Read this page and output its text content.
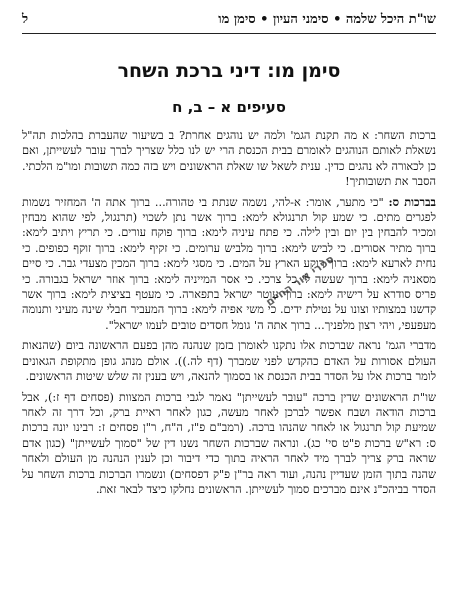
שו"ת היכל שלמה • סימני העיון • סימן מו
ל
סימן מו: דיני ברכת השחר
סעיפים א – ב, ח

ברכות השחר: א מה תקנת הגמ' ולמה יש נוהגים אחרת? ב בשיעור שהעברת בהלכות תה"ל נשאלת לאותם הנוהגים לאומרם בבית הכנסת הרי יש לנו כלל שצריך לברך עובר לעשייתן, ואם כן לכאורה לא נהגים כדין. ענית לשאל שו שאלת הראשונים ויש בזה כמה תשובות ומו"מ הלכתי. הסבר את תשובותיך!

בברכות ס: "כי מתער, אומר: א-להי, נשמה שנתת בי טהורה... ברוך אתה ה' המחזיר נשמות לפגרים מתים. כי שמע קול תרנגולא לימא: ברוך אשר נתן לשכוי (תרנגול, לפי שהוא מבחין ומכיר להבחין בין יום ובין לילה. כי פתח עיניה לימא: ברוך פוקח עורים. כי תריץ ויתיב לימא: ברוך מתיר אסורים. כי לביש לימא: ברוך מלביש ערומים. כי זקיף לימא: ברוך זוקף כפופים. כי נחית לארעא לימא: ברוך רוקע הארץ על המים. כי מסגי לימא: ברוך המכין מצעדי גבר. כי סיים מסאניה לימא: ברוך שעשה לי כל צרכי. כי אסר המייניה לימא: ברוך אוזר ישראל בגבורה. כי פריס סודרא על רישיה לימא: ברוך עוטר ישראל בתפארה. כי מעטף בציצית לימא: ברוך אשר קדשנו במצותיו וצונו על נטילת ידים. כי משי אפיה לימא: ברוך המעביר חבלי שינה מעיני ותנומה מעפעפי, ויהי רצון מלפניך... ברוך אתה ה' גומל חסדים טובים לעמו ישראל".

מדברי הגמ' נראה שברכות אלו נתקנו לאומרן בזמן שנהנה מהן בפעם הראשונה ביום (שהנאות העולם אסורות על האדם כהקדש לפני שמברך (דף לה.)). אולם מנהג גופן מתקופת הגאונים לומר ברכות אלו על הסדר בבית הכנסת או בסמוך להנאה, ויש בענין זה שלש שיטות הראשונים.

שו"ת הראשונים שדין ברכה "עובר לעשייתן" נאמר לגבי ברכות המצוות (פסחים דף ז:), אבל ברכות הודאה ושבח אפשר לברכן לאחר מעשה, כגון לאחר ראיית ברק, וכל דרך זה לאחר שמיעת קול תרנגול או לאחר שהנהו ברכה. (רמב"ם פ"ז, ה"ח, ר"ן פסחים ז: רבינו יונה ברכות ס: רא"ש ברכות פ"ט סי' כג). ונראה שברכות השחר נשנו דין של "סמוך לעשייתן" (כגון אדם שראה ברק צריך לברך מיד לאחר הראיה בתוך כדי דיבור וכן לענין הנהנה מן העולם ולאחר שהנה בתוך הזמן שעדיין נהנה, ועוד ראה בר"ן פ"ק דפסחים) ונשמרו הברכות ברכות השחר על הסדר בביהכ"נ אינם מברכים סמוך לעשייתן. הראשונים נחלקו כיצד לבאר זאת.

ספרי אור החיים
